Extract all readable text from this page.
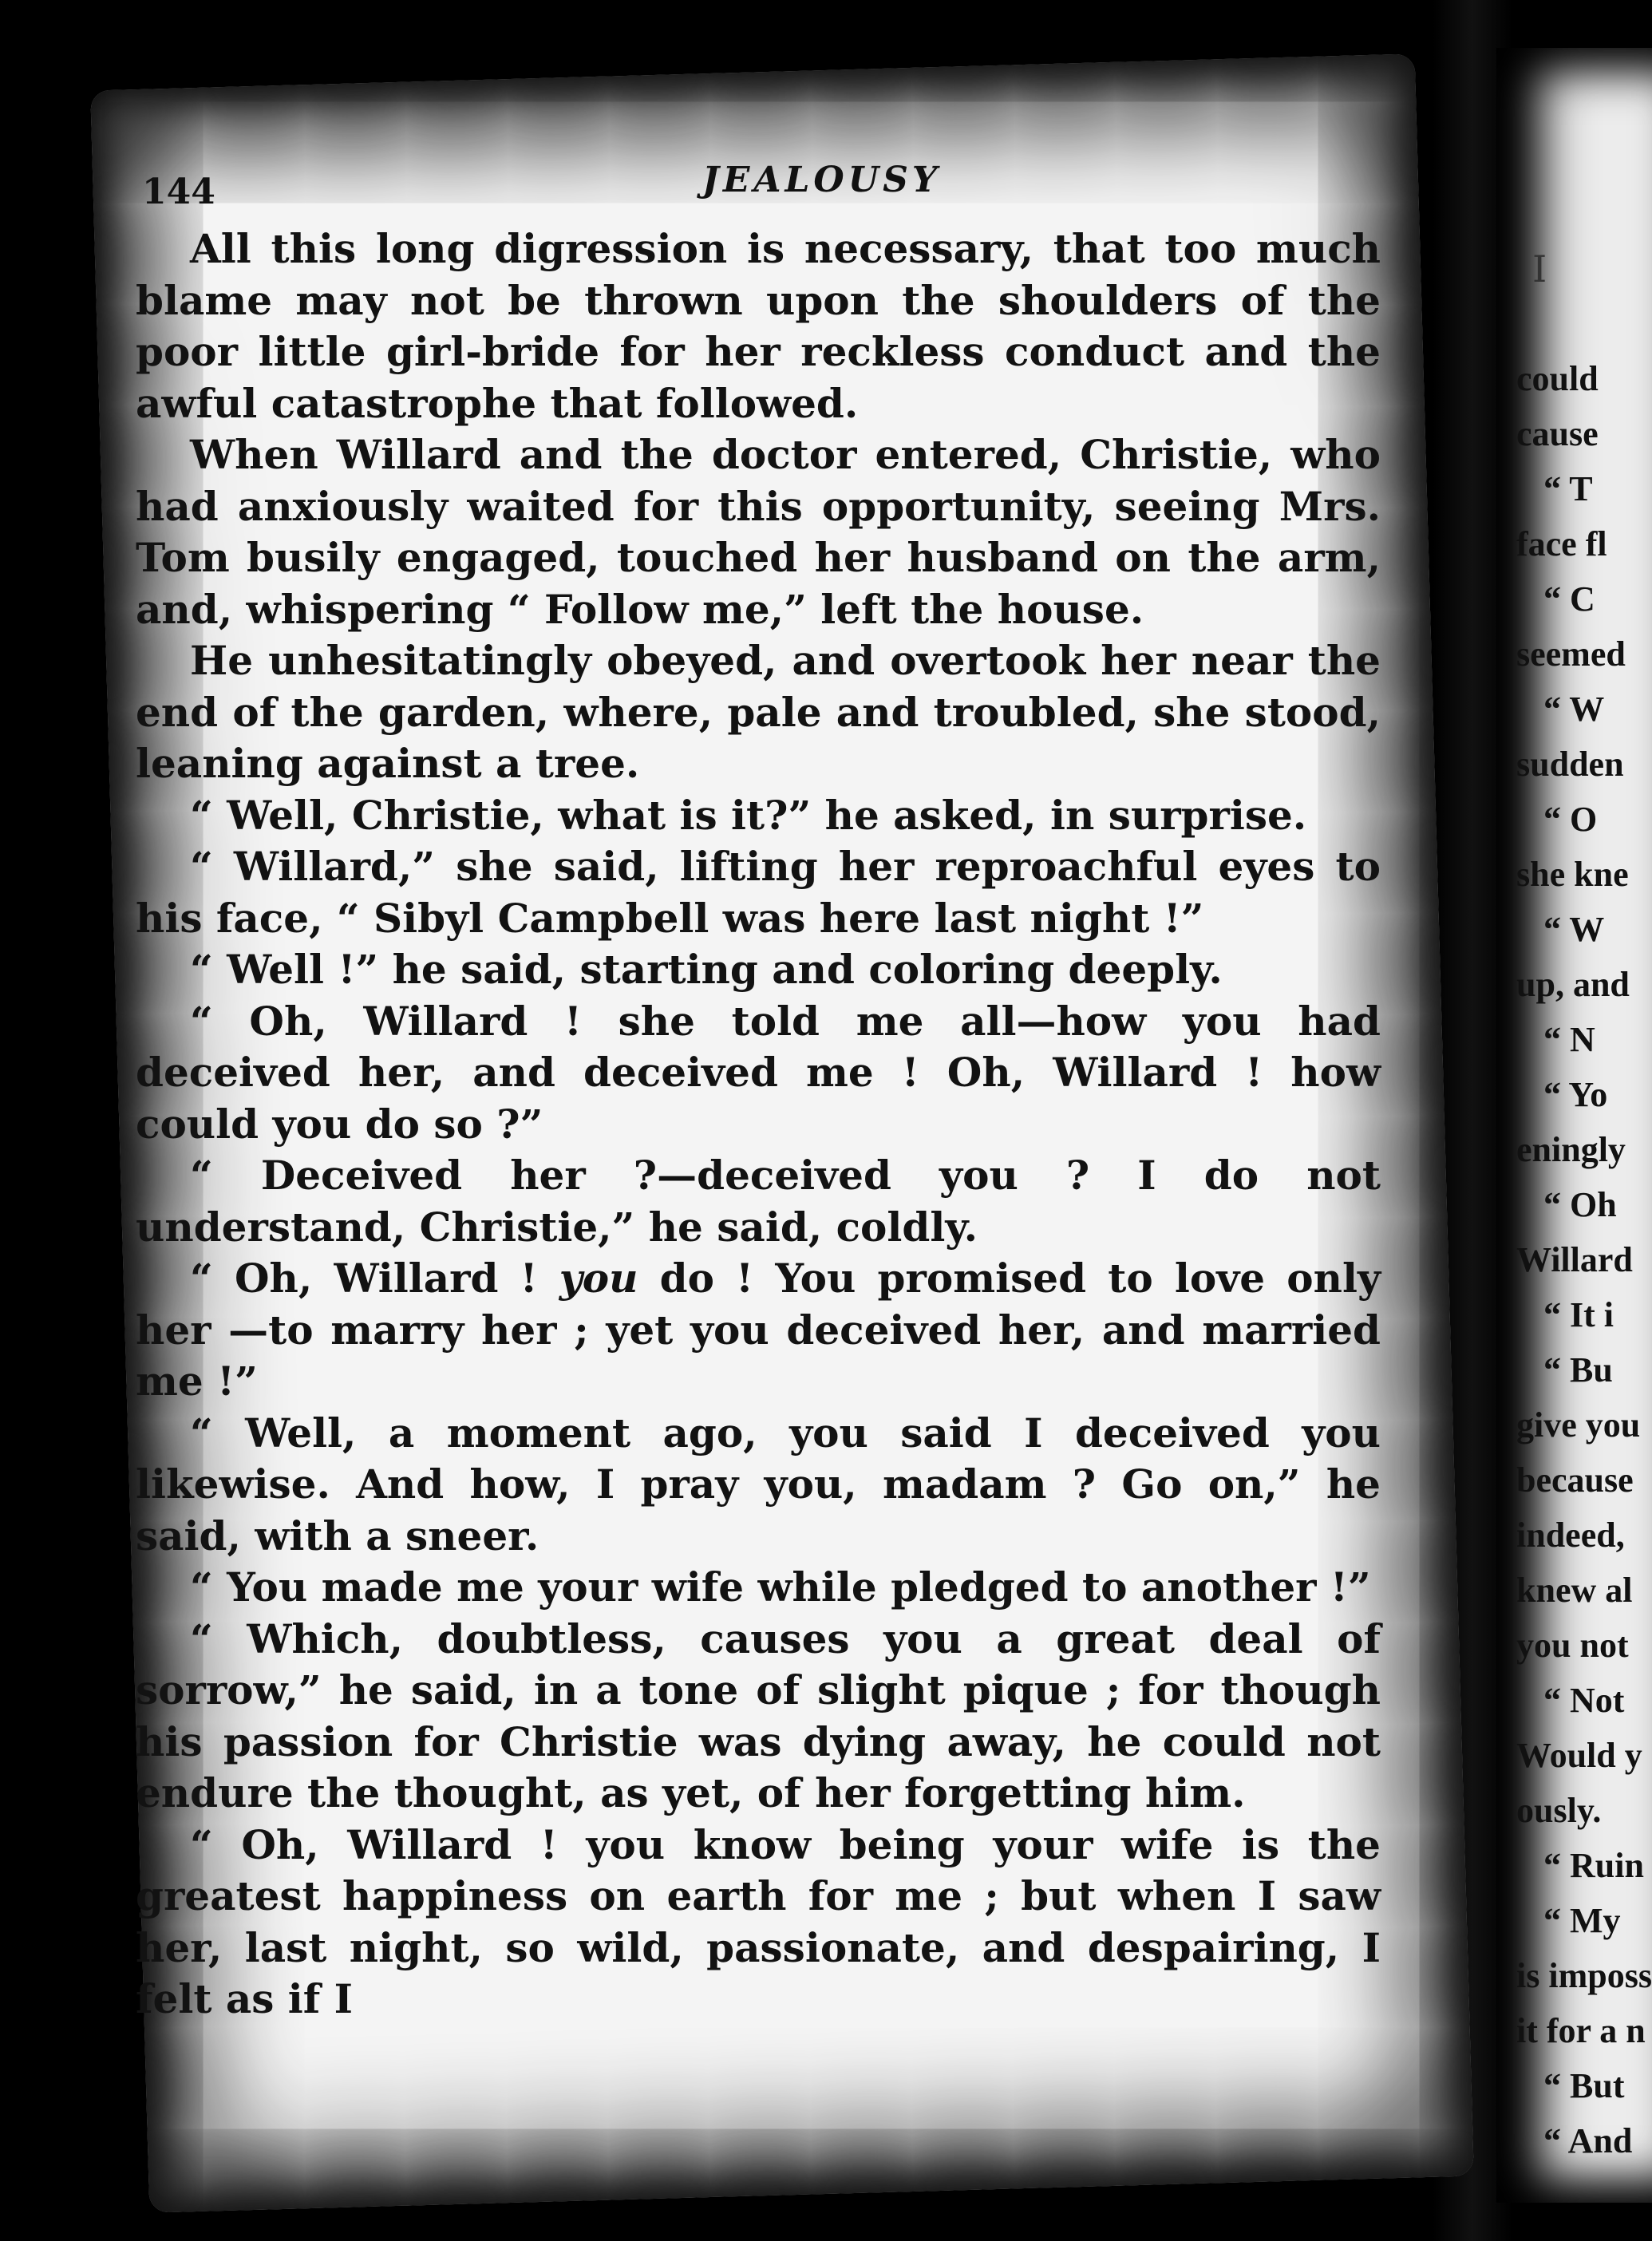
144	JEALOUSY

All this long digression is necessary, that too much blame may not be thrown upon the shoulders of the poor little girl-bride for her reckless conduct and the awful catastrophe that followed.

When Willard and the doctor entered, Christie, who had anxiously waited for this opportunity, seeing Mrs. Tom busily engaged, touched her husband on the arm, and, whispering “ Follow me,” left the house.

He unhesitatingly obeyed, and overtook her near the end of the garden, where, pale and troubled, she stood, leaning against a tree.

“ Well, Christie, what is it?” he asked, in surprise.

“ Willard,” she said, lifting her reproachful eyes to his face, “ Sibyl Campbell was here last night !”

“ Well !” he said, starting and coloring deeply.

“ Oh, Willard ! she told me all—how you had deceived her, and deceived me ! Oh, Willard ! how could you do so ?”

“ Deceived her ?—deceived you ? I do not understand, Christie,” he said, coldly.

“ Oh, Willard ! you do ! You promised to love only her —to marry her ; yet you deceived her, and married me !”

“ Well, a moment ago, you said I deceived you likewise. And how, I pray you, madam ? Go on,” he said, with a sneer.

“ You made me your wife while pledged to another !”

“ Which, doubtless, causes you a great deal of sorrow,” he said, in a tone of slight pique ; for though his passion for Christie was dying away, he could not endure the thought, as yet, of her forgetting him.

“ Oh, Willard ! you know being your wife is the greatest happiness on earth for me ; but when I saw her, last night, so wild, passionate, and despairing, I felt as if I

I
could
cause
“ T
face fl
“ C
seemed
“ W
sudden
“ O
she kne
“ W
up, and
“ N
“ Yo
eningly
“ Oh
Willard
“ It i
“ Bu
give you
because
indeed,
knew al
you not
“ Not
Would y
ously.
“ Ruin
“ My
is imposs
it for a n
“ But
“ And
